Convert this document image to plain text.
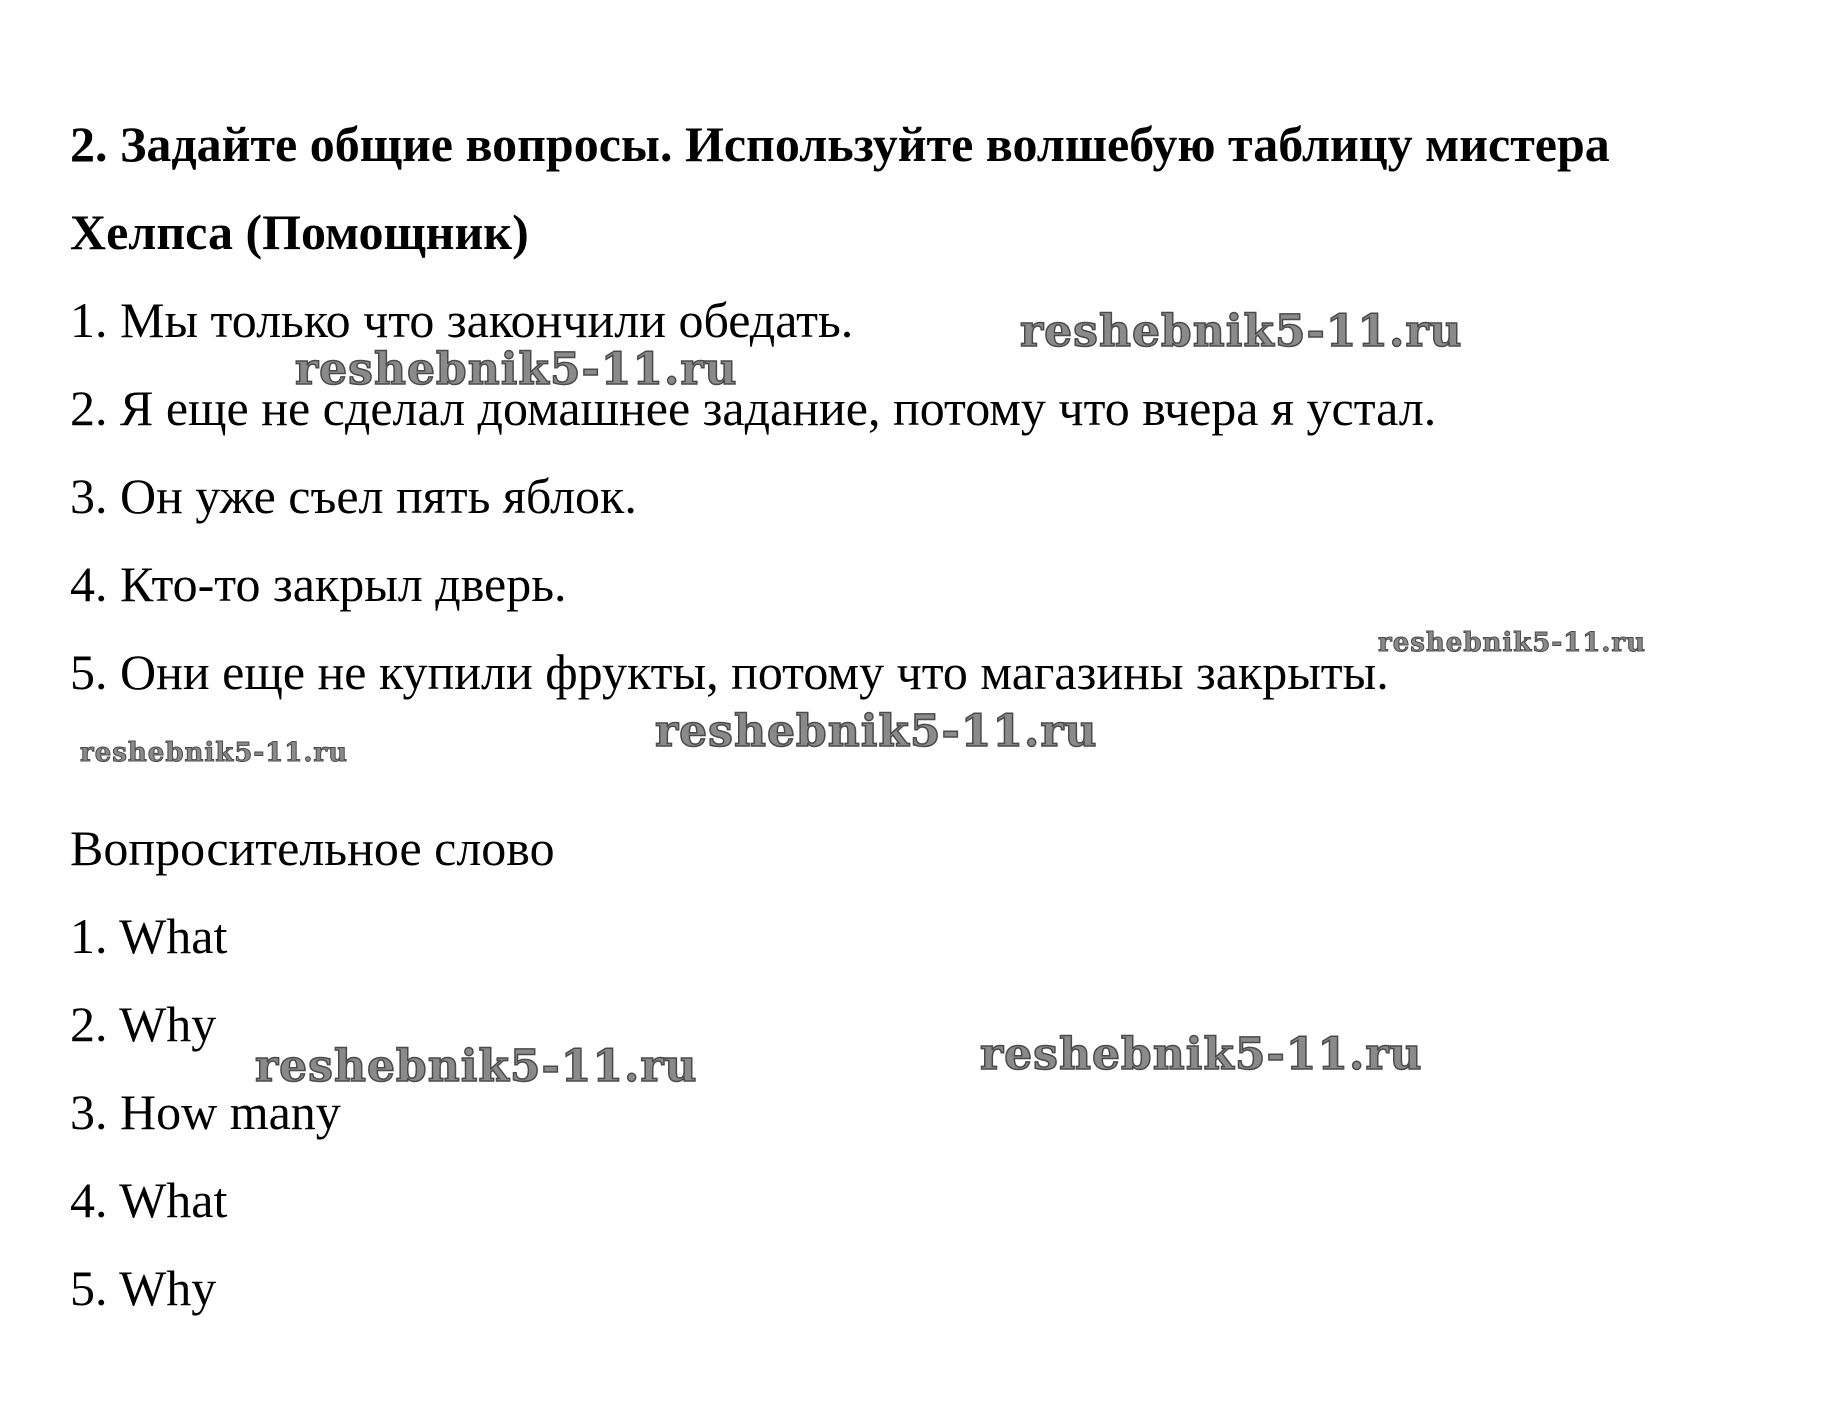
2. Задайте общие вопросы. Используйте волшебую таблицу мистера Хелпса (Помощник)

1. Мы только что закончили обедать.

2. Я еще не сделал домашнее задание, потому что вчера я устал.

3. Он уже съел пять яблок.

4. Кто-то закрыл дверь.

5. Они еще не купили фрукты, потому что магазины закрыты.

Вопросительное слово

1. What

2. Why

3. How many

4. What

5. Why

reshebnik5-11.ru
reshebnik5-11.ru
reshebnik5-11.ru
reshebnik5-11.ru
reshebnik5-11.ru
reshebnik5-11.ru	reshebnik5-11.ru
